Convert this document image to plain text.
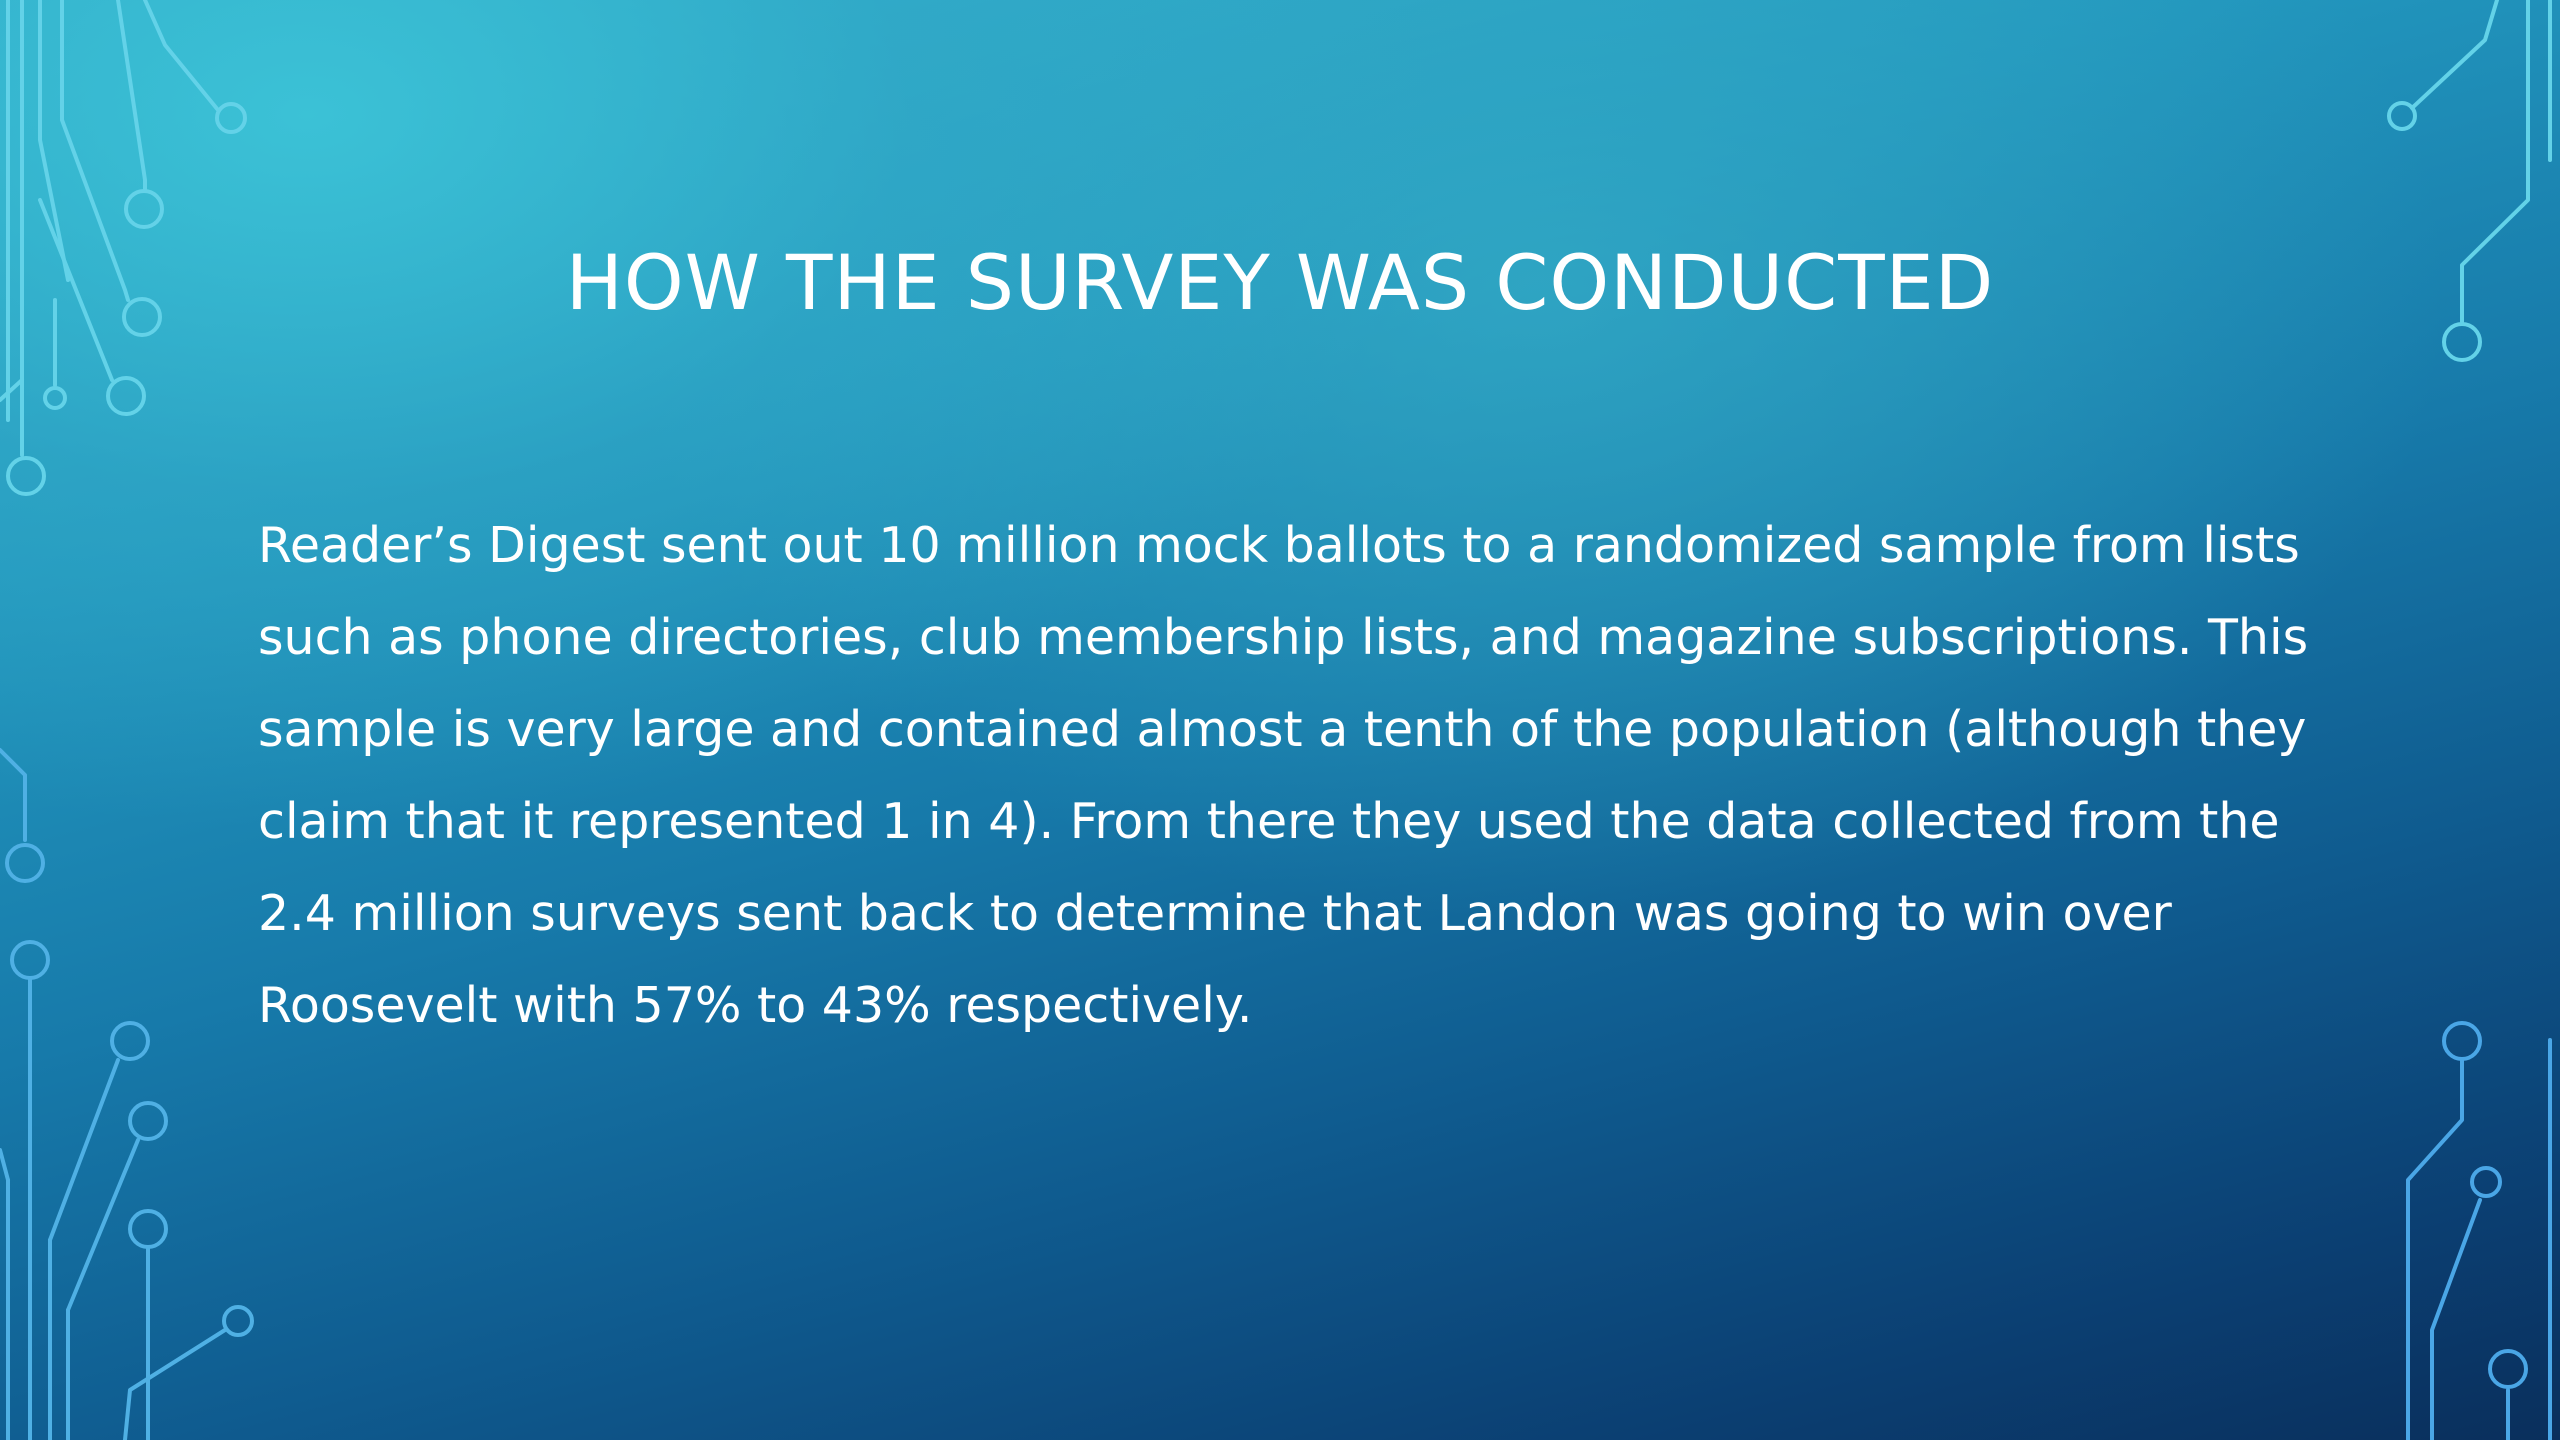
HOW THE SURVEY WAS CONDUCTED

Reader’s Digest sent out 10 million mock ballots to a randomized sample from lists such as phone directories, club membership lists, and magazine subscriptions. This sample is very large and contained almost a tenth of the population (although they claim that it represented 1 in 4). From there they used the data collected from the 2.4 million surveys sent back to determine that Landon was going to win over Roosevelt with 57% to 43% respectively.
